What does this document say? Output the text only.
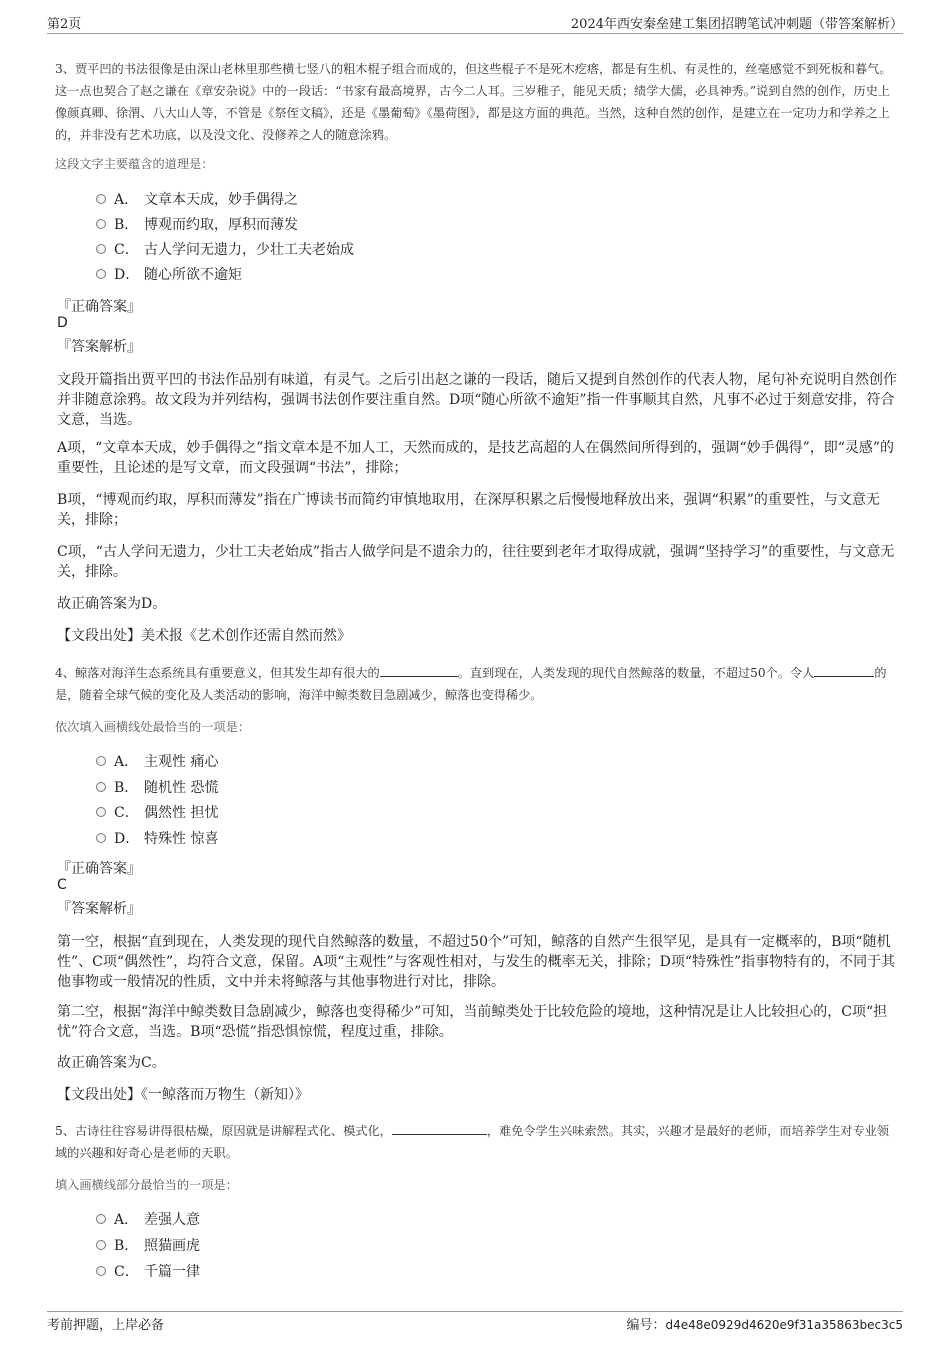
第2页	2024年西安秦垒建工集团招聘笔试冲刺题（带答案解析）
3、贾平凹的书法很像是由深山老林里那些横七竖八的粗木棍子组合而成的，但这些棍子不是死木疙瘩，都是有生机、有灵性的，丝毫感觉不到死板和暮气。这一点也契合了赵之谦在《章安杂说》中的一段话：“书家有最高境界，古今二人耳。三岁稚子，能见天质；绩学大儒，必具神秀。”说到自然的创作，历史上像颜真卿、徐渭、八大山人等，不管是《祭侄文稿》，还是《墨葡萄》《墨荷图》，都是这方面的典范。当然，这种自然的创作，是建立在一定功力和学养之上的，并非没有艺术功底，以及没文化、没修养之人的随意涂鸦。
这段文字主要蕴含的道理是：
A． 文章本天成，妙手偶得之
B． 博观而约取，厚积而薄发
C． 古人学问无遗力，少壮工夫老始成
D． 随心所欲不逾矩
『正确答案』
D
『答案解析』
文段开篇指出贾平凹的书法作品别有味道，有灵气。之后引出赵之谦的一段话，随后又提到自然创作的代表人物，尾句补充说明自然创作并非随意涂鸦。故文段为并列结构，强调书法创作要注重自然。D项“随心所欲不逾矩”指一件事顺其自然，凡事不必过于刻意安排，符合文意，当选。
A项，“文章本天成，妙手偶得之”指文章本是不加人工，天然而成的，是技艺高超的人在偶然间所得到的，强调“妙手偶得”，即“灵感”的重要性，且论述的是写文章，而文段强调“书法”，排除；
B项，“博观而约取，厚积而薄发”指在广博读书而简约审慎地取用，在深厚积累之后慢慢地释放出来，强调“积累”的重要性，与文意无关，排除；
C项，“古人学问无遗力，少壮工夫老始成”指古人做学问是不遗余力的，往往要到老年才取得成就，强调“坚持学习”的重要性，与文意无关，排除。
故正确答案为D。
【文段出处】美术报《艺术创作还需自然而然》
4、鲸落对海洋生态系统具有重要意义，但其发生却有很大的	。直到现在，人类发现的现代自然鲸落的数量，不超过50个。令人	的是，随着全球气候的变化及人类活动的影响，海洋中鲸类数目急剧减少，鲸落也变得稀少。
依次填入画横线处最恰当的一项是：
A． 主观性 痛心
B． 随机性 恐慌
C． 偶然性 担忧
D． 特殊性 惊喜
『正确答案』
C
『答案解析』
第一空，根据“直到现在，人类发现的现代自然鲸落的数量，不超过50个”可知，鲸落的自然产生很罕见，是具有一定概率的，B项“随机性”、C项“偶然性”，均符合文意，保留。A项“主观性”与客观性相对，与发生的概率无关，排除；D项“特殊性”指事物特有的，不同于其他事物或一般情况的性质，文中并未将鲸落与其他事物进行对比，排除。
第二空，根据“海洋中鲸类数目急剧减少，鲸落也变得稀少”可知，当前鲸类处于比较危险的境地，这种情况是让人比较担心的，C项“担忧”符合文意，当选。B项“恐慌”指恐惧惊慌，程度过重，排除。
故正确答案为C。
【文段出处】《一鲸落而万物生（新知）》
5、古诗往往容易讲得很枯燥，原因就是讲解程式化、模式化，	，难免令学生兴味索然。其实，兴趣才是最好的老师，而培养学生对专业领域的兴趣和好奇心是老师的天职。
填入画横线部分最恰当的一项是：
A． 差强人意
B． 照猫画虎
C． 千篇一律
考前押题，上岸必备	编号：d4e48e0929d4620e9f31a35863bec3c5
